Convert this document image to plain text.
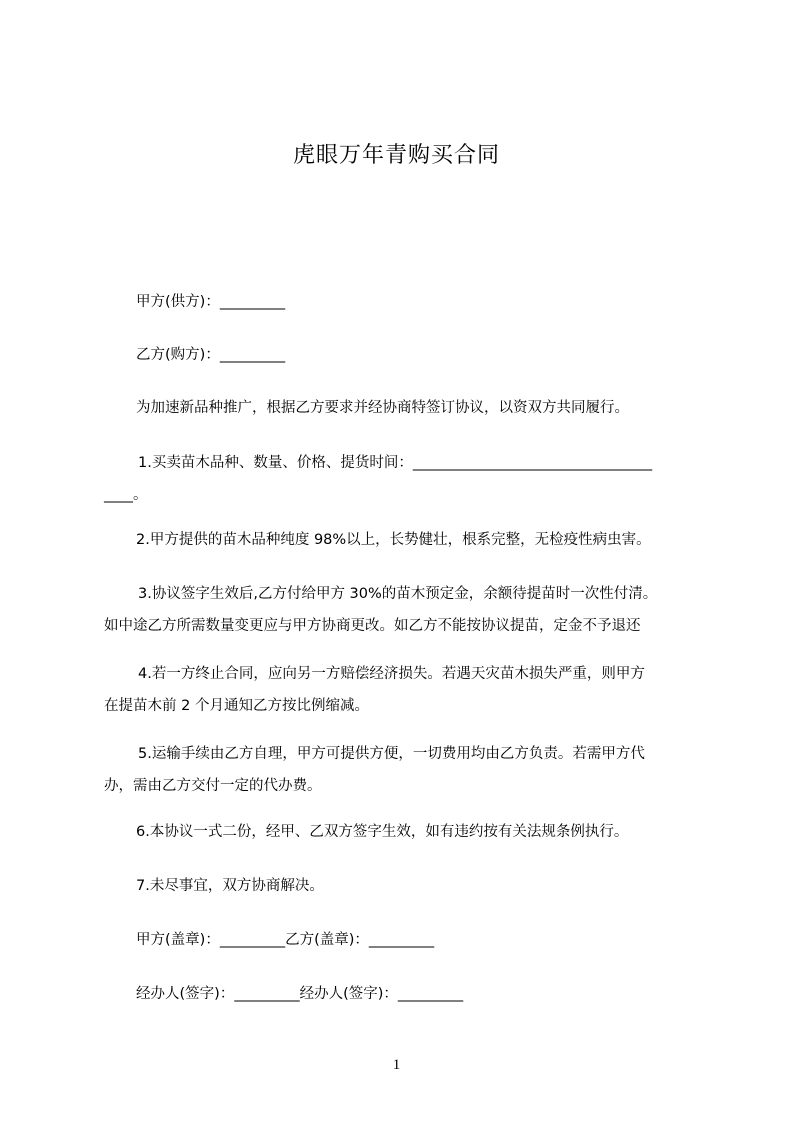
虎眼万年青购买合同
甲方(供方)：_________
乙方(购方)：_________
为加速新品种推广，根据乙方要求并经协商特签订协议，以资双方共同履行。
1.买卖苗木品种、数量、价格、提货时间：_________________________________
____。
2.甲方提供的苗木品种纯度 98%以上，长势健壮，根系完整，无检疫性病虫害。
3.协议签字生效后,乙方付给甲方 30%的苗木预定金，余额待提苗时一次性付清。
如中途乙方所需数量变更应与甲方协商更改。如乙方不能按协议提苗，定金不予退还
4.若一方终止合同，应向另一方赔偿经济损失。若遇天灾苗木损失严重，则甲方
在提苗木前 2 个月通知乙方按比例缩减。
5.运输手续由乙方自理，甲方可提供方便，一切费用均由乙方负责。若需甲方代
办，需由乙方交付一定的代办费。
6.本协议一式二份，经甲、乙双方签字生效，如有违约按有关法规条例执行。
7.未尽事宜，双方协商解决。
甲方(盖章)：_________乙方(盖章)：_________
经办人(签字)：_________经办人(签字)：_________
1
